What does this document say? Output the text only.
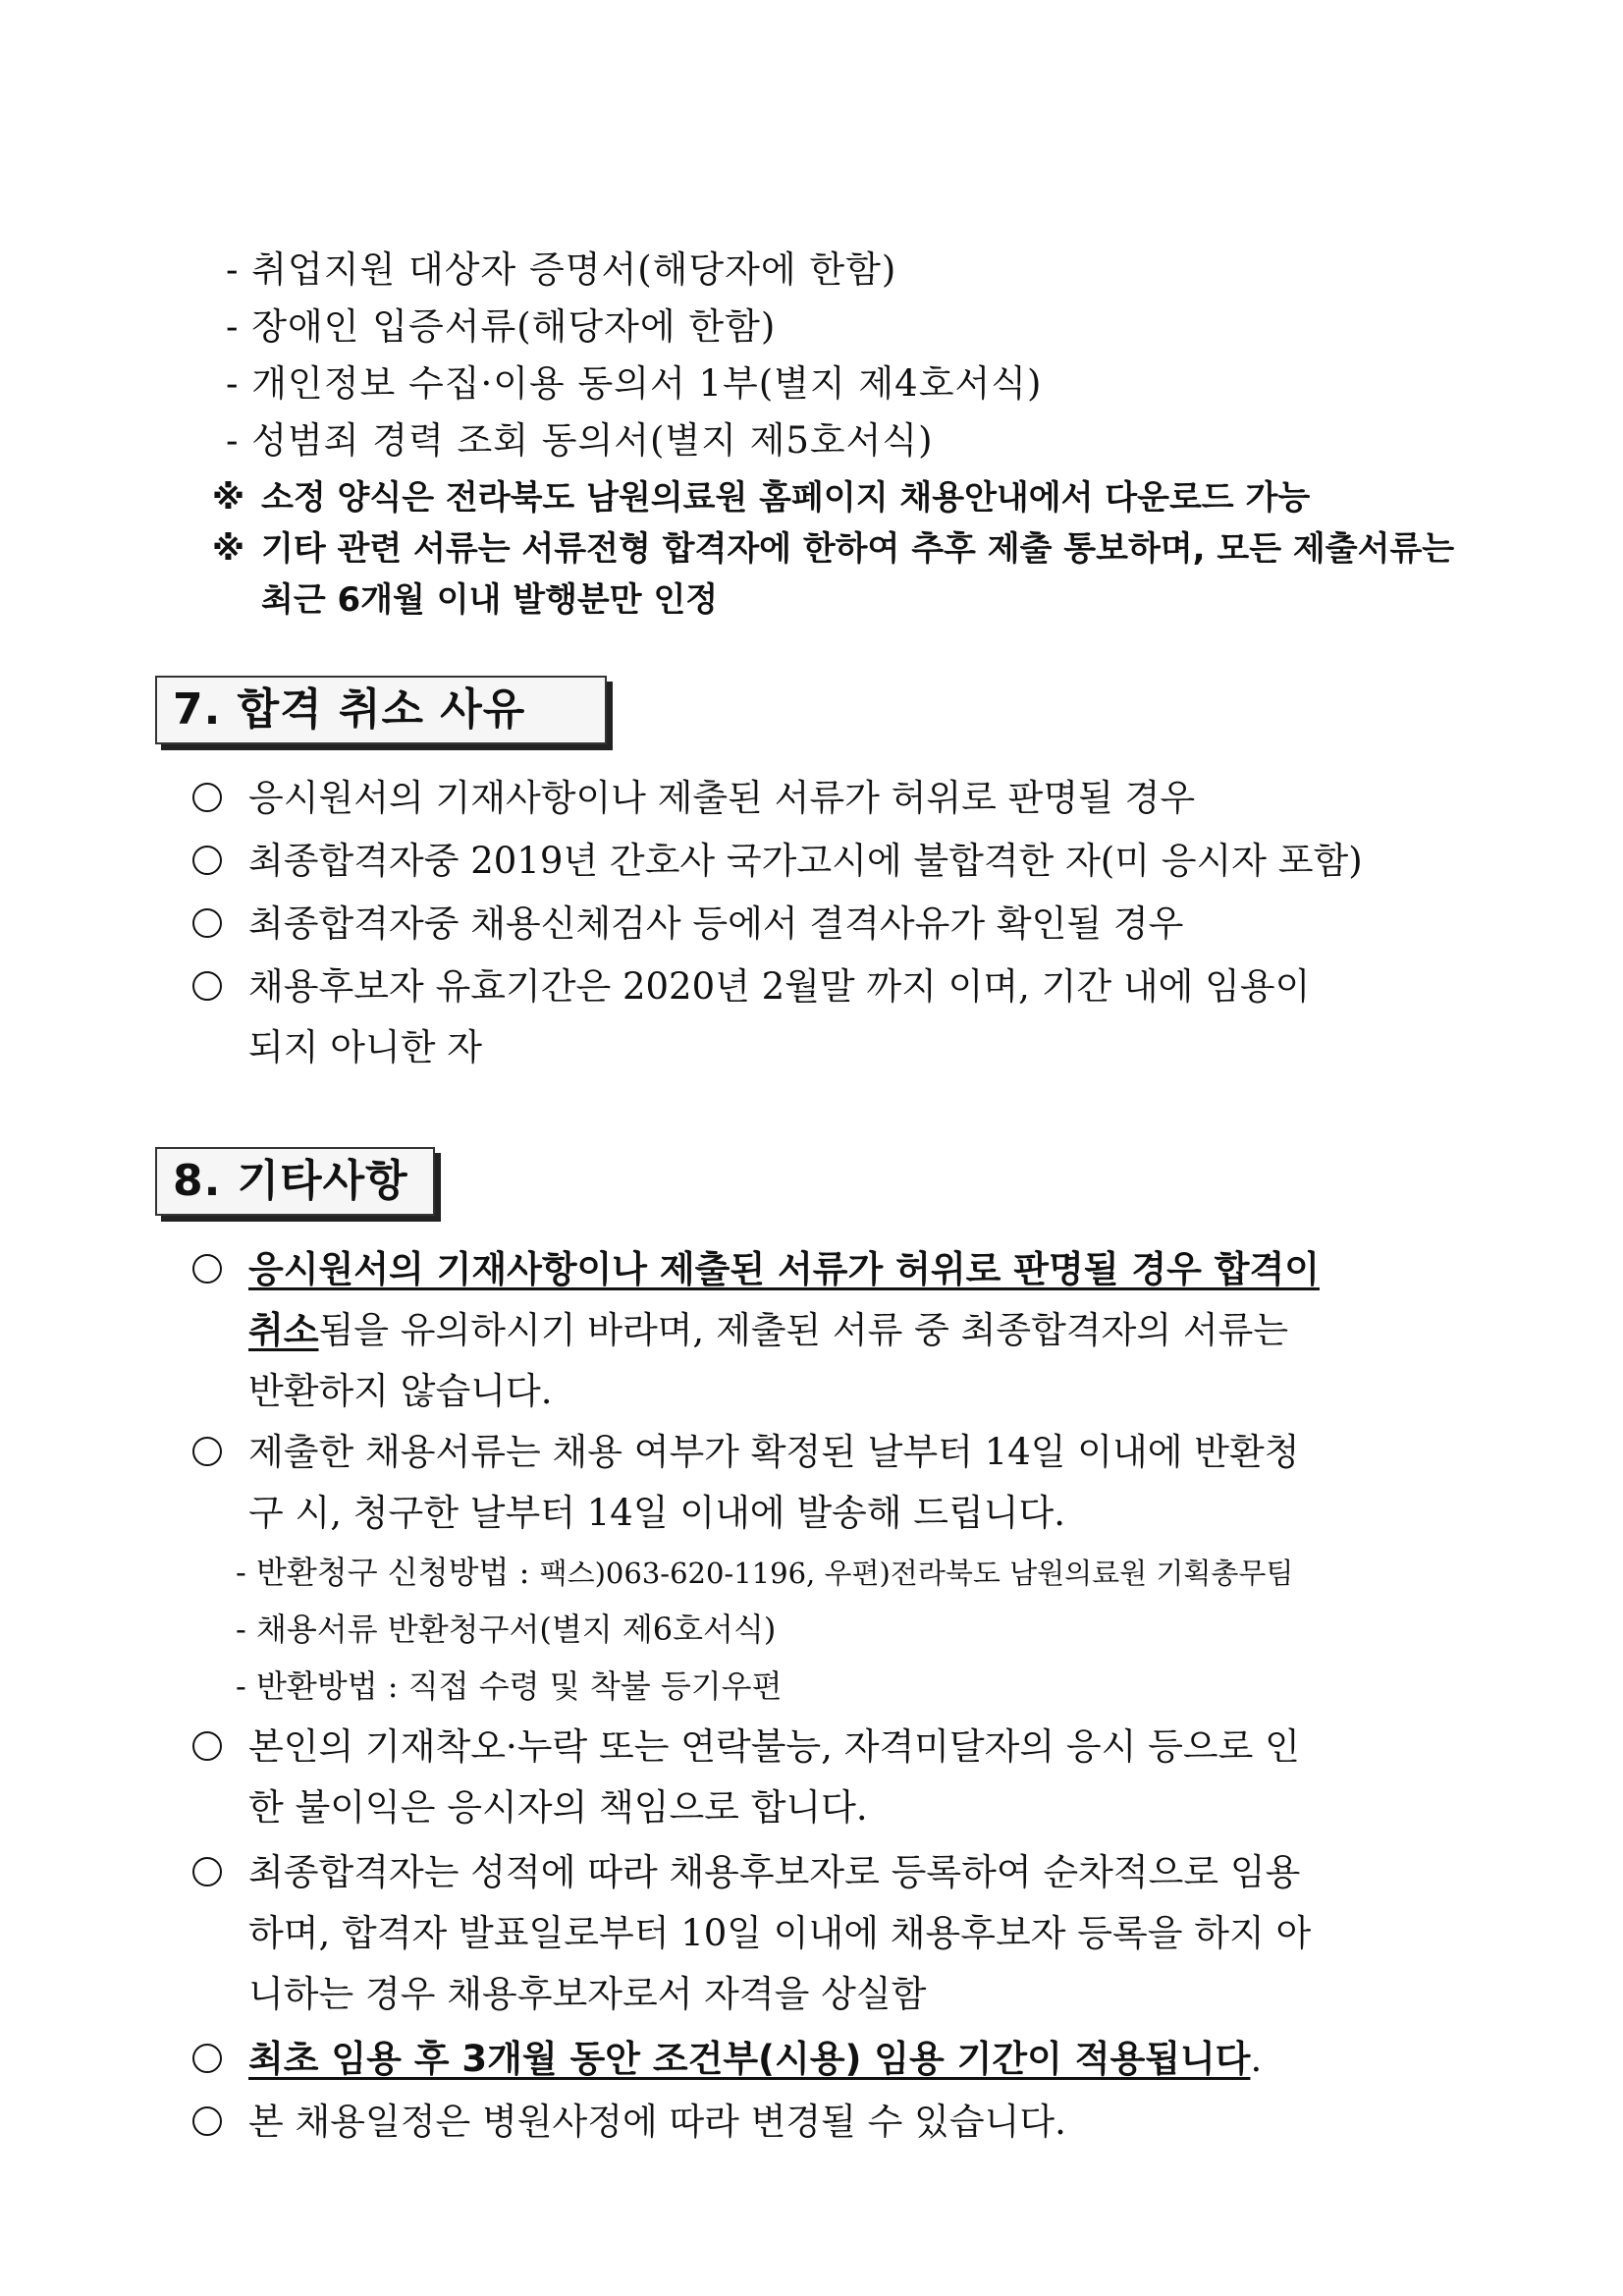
- 취업지원 대상자 증명서(해당자에 한함)
- 장애인 입증서류(해당자에 한함)
- 개인정보 수집·이용 동의서 1부(별지 제4호서식)
- 성범죄 경력 조회 동의서(별지 제5호서식)
※ 소정 양식은 전라북도 남원의료원 홈페이지 채용안내에서 다운로드 가능
※ 기타 관련 서류는 서류전형 합격자에 한하여 추후 제출 통보하며, 모든 제출서류는
최근 6개월 이내 발행분만 인정
7. 합격 취소 사유
응시원서의 기재사항이나 제출된 서류가 허위로 판명될 경우
최종합격자중 2019년 간호사 국가고시에 불합격한 자(미 응시자 포함)
최종합격자중 채용신체검사 등에서 결격사유가 확인될 경우
채용후보자 유효기간은 2020년 2월말 까지 이며, 기간 내에 임용이
되지 아니한 자
8. 기타사항
응시원서의 기재사항이나 제출된 서류가 허위로 판명될 경우 합격이
취소됨을 유의하시기 바라며, 제출된 서류 중 최종합격자의 서류는
반환하지 않습니다.
제출한 채용서류는 채용 여부가 확정된 날부터 14일 이내에 반환청
구 시, 청구한 날부터 14일 이내에 발송해 드립니다.
- 반환청구 신청방법 : 팩스)063-620-1196, 우편)전라북도 남원의료원 기획총무팀
- 채용서류 반환청구서(별지 제6호서식)
- 반환방법 : 직접 수령 및 착불 등기우편
본인의 기재착오·누락 또는 연락불능, 자격미달자의 응시 등으로 인
한 불이익은 응시자의 책임으로 합니다.
최종합격자는 성적에 따라 채용후보자로 등록하여 순차적으로 임용
하며, 합격자 발표일로부터 10일 이내에 채용후보자 등록을 하지 아
니하는 경우 채용후보자로서 자격을 상실함
최초 임용 후 3개월 동안 조건부(시용) 임용 기간이 적용됩니다.
본 채용일정은 병원사정에 따라 변경될 수 있습니다.
